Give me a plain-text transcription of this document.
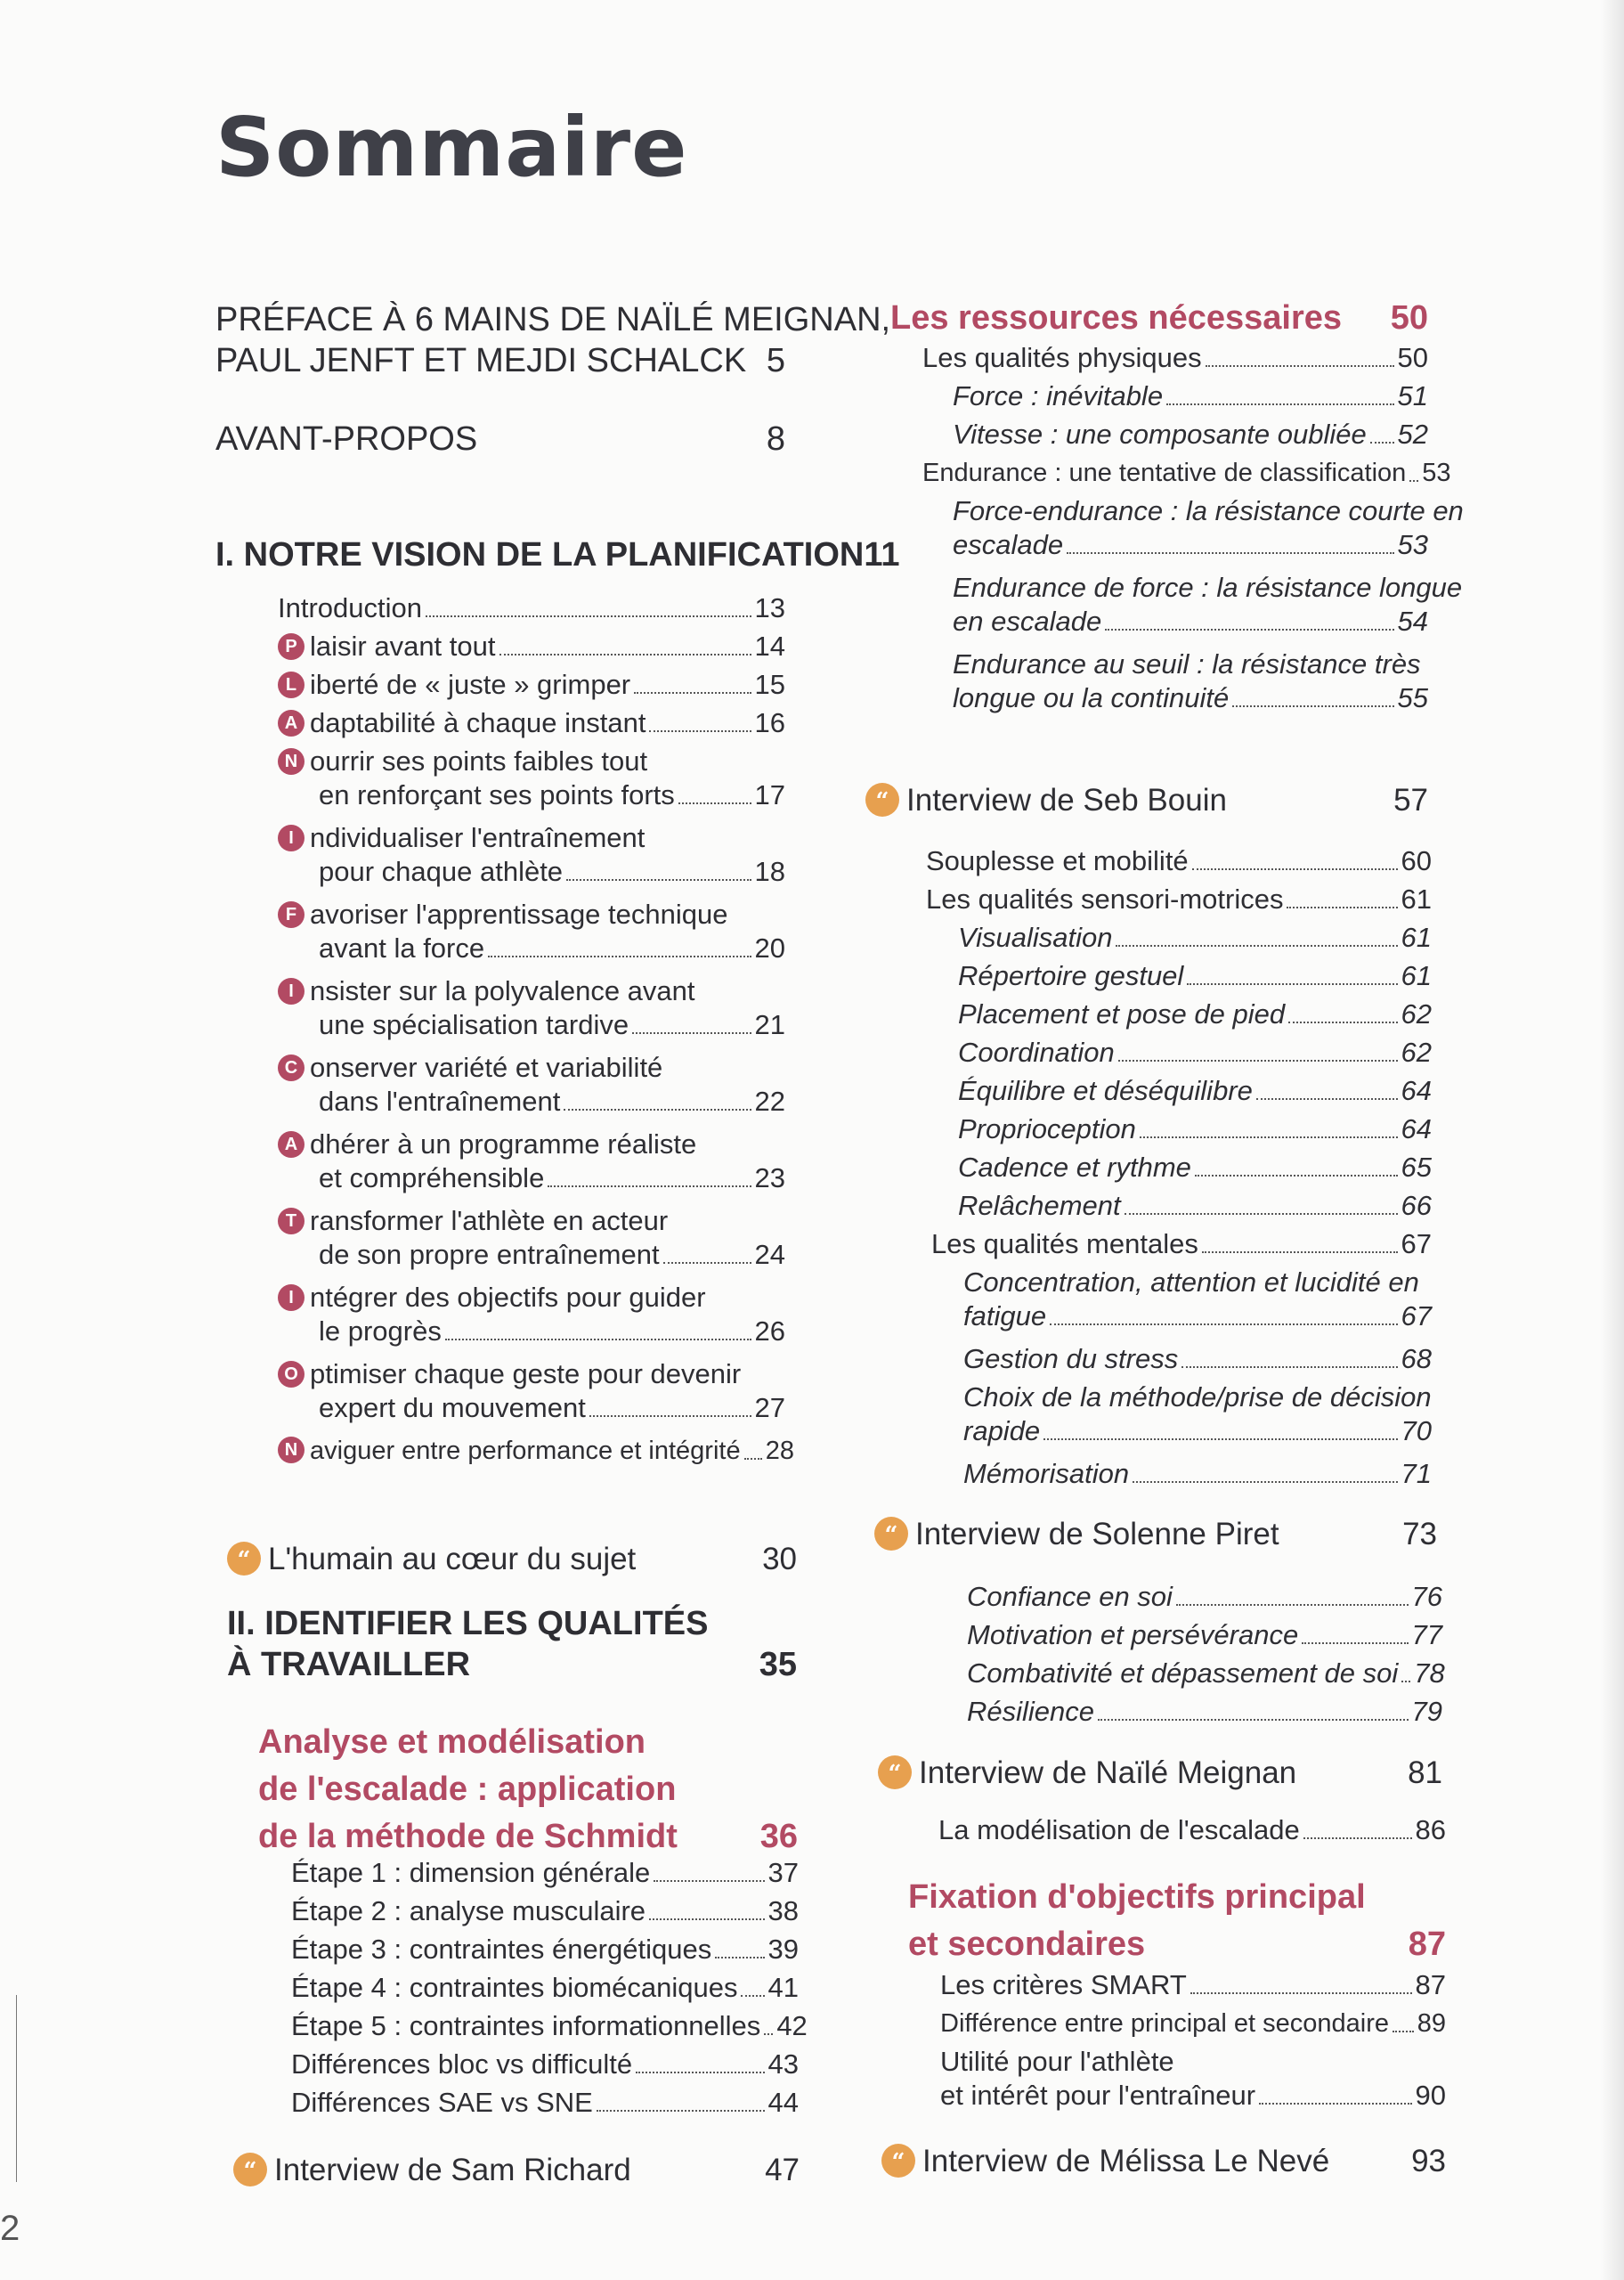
Sommaire
PRÉFACE À 6 MAINS DE NAÏLÉ MEIGNAN,
PAUL JENFT ET MEJDI SCHALCK 5
AVANT-PROPOS	8
I. NOTRE VISION DE LA PLANIFICATION 11
Introduction	13
P laisir avant tout	14
L iberté de « juste » grimper	15
A daptabilité à chaque instant	16
N ourrir ses points faibles tout
en renforçant ses points forts	17
I ndividualiser l'entraînement
pour chaque athlète	18
F avoriser l'apprentissage technique
avant la force	20
I nsister sur la polyvalence avant
une spécialisation tardive	21
C onserver variété et variabilité
dans l'entraînement	22
A dhérer à un programme réaliste
et compréhensible	23
T ransformer l'athlète en acteur
de son propre entraînement	24
I ntégrer des objectifs pour guider
le progrès	26
O ptimiser chaque geste pour devenir
expert du mouvement	27
N aviguer entre performance et intégrité 28
“ L'humain au cœur du sujet	30
II. IDENTIFIER LES QUALITÉS
À TRAVAILLER	35
Analyse et modélisation
de l'escalade : application
de la méthode de Schmidt 36
Étape 1 : dimension générale	37
Étape 2 : analyse musculaire	38
Étape 3 : contraintes énergétiques 39
Étape 4 : contraintes biomécaniques 41
Étape 5 : contraintes informationnelles 42
Différences bloc vs difficulté	43
Différences SAE vs SNE	44
“ Interview de Sam Richard	47
Les ressources nécessaires 50
Les qualités physiques	50
Force : inévitable	51
Vitesse : une composante oubliée 52
Endurance : une tentative de classification 53
Force-endurance : la résistance courte en
escalade	53
Endurance de force : la résistance longue
en escalade	54
Endurance au seuil : la résistance très
longue ou la continuité	55
“ Interview de Seb Bouin	57
Souplesse et mobilité	60
Les qualités sensori-motrices	61
Visualisation	61
Répertoire gestuel	61
Placement et pose de pied	62
Coordination	62
Équilibre et déséquilibre	64
Proprioception	64
Cadence et rythme	65
Relâchement	66
Les qualités mentales	67
Concentration, attention et lucidité en
fatigue	67
Gestion du stress	68
Choix de la méthode/prise de décision
rapide	70
Mémorisation	71
“ Interview de Solenne Piret	73
Confiance en soi	76
Motivation et persévérance	77
Combativité et dépassement de soi 78
Résilience	79
“ Interview de Naïlé Meignan	81
La modélisation de l'escalade	86
Fixation d'objectifs principal
et secondaires	87
Les critères SMART	87
Différence entre principal et secondaire 89
Utilité pour l'athlète
et intérêt pour l'entraîneur	90
“ Interview de Mélissa Le Nevé	93
2
